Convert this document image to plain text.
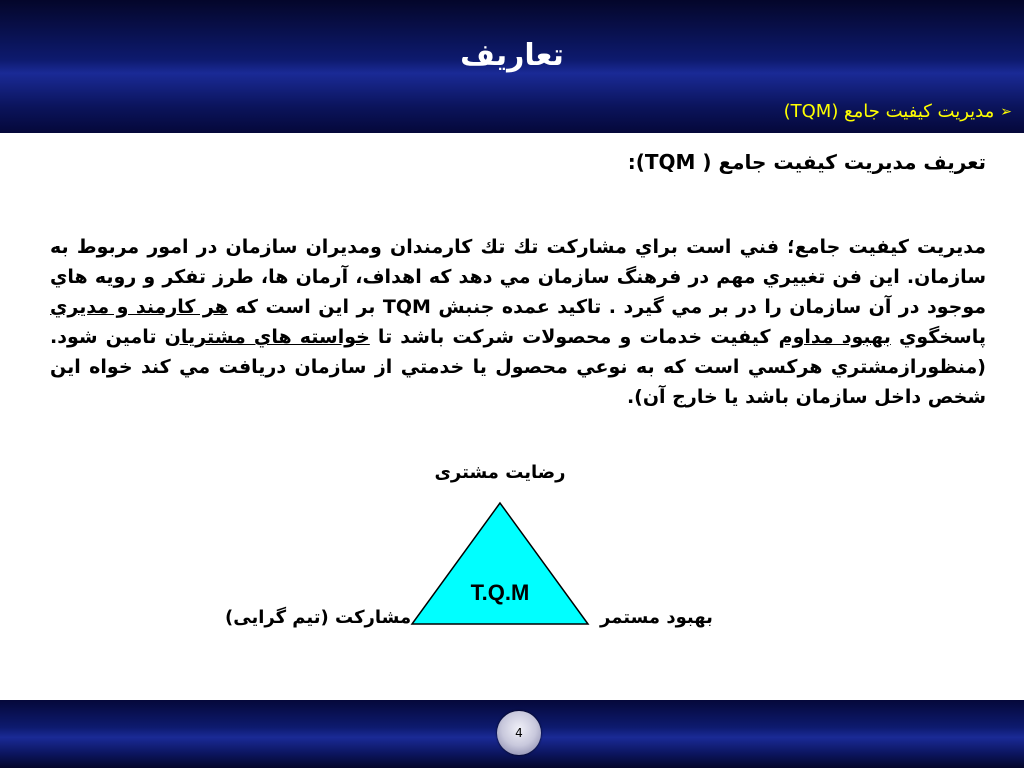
تعاریف
➢
مديريت كيفيت جامع (TQM)
تعريف مديريت كيفيت جامع ( TQM):
مديريت كيفيت جامع؛ فني است براي مشاركت تك تك كارمندان ومديران سازمان در امور مربوط به سازمان. اين فن تغييري مهم در فرهنگ سازمان مي دهد كه اهداف، آرمان ها، طرز تفكر و رويه هاي موجود در آن سازمان را در بر مي گيرد . تاكيد عمده جنبش TQM بر اين است كه هر كارمند و مديري پاسخگوي بهبود مداوم كيفيت خدمات و محصولات شركت باشد تا خواسته هاي مشتريان تامين شود.(منظورازمشتري هركسي است كه به نوعي محصول يا خدمتي از سازمان دريافت مي كند خواه اين شخص داخل سازمان باشد يا خارج آن).
رضایت مشتری
T.Q.M
مشارکت (تیم گرایی)	بهبود مستمر
4
